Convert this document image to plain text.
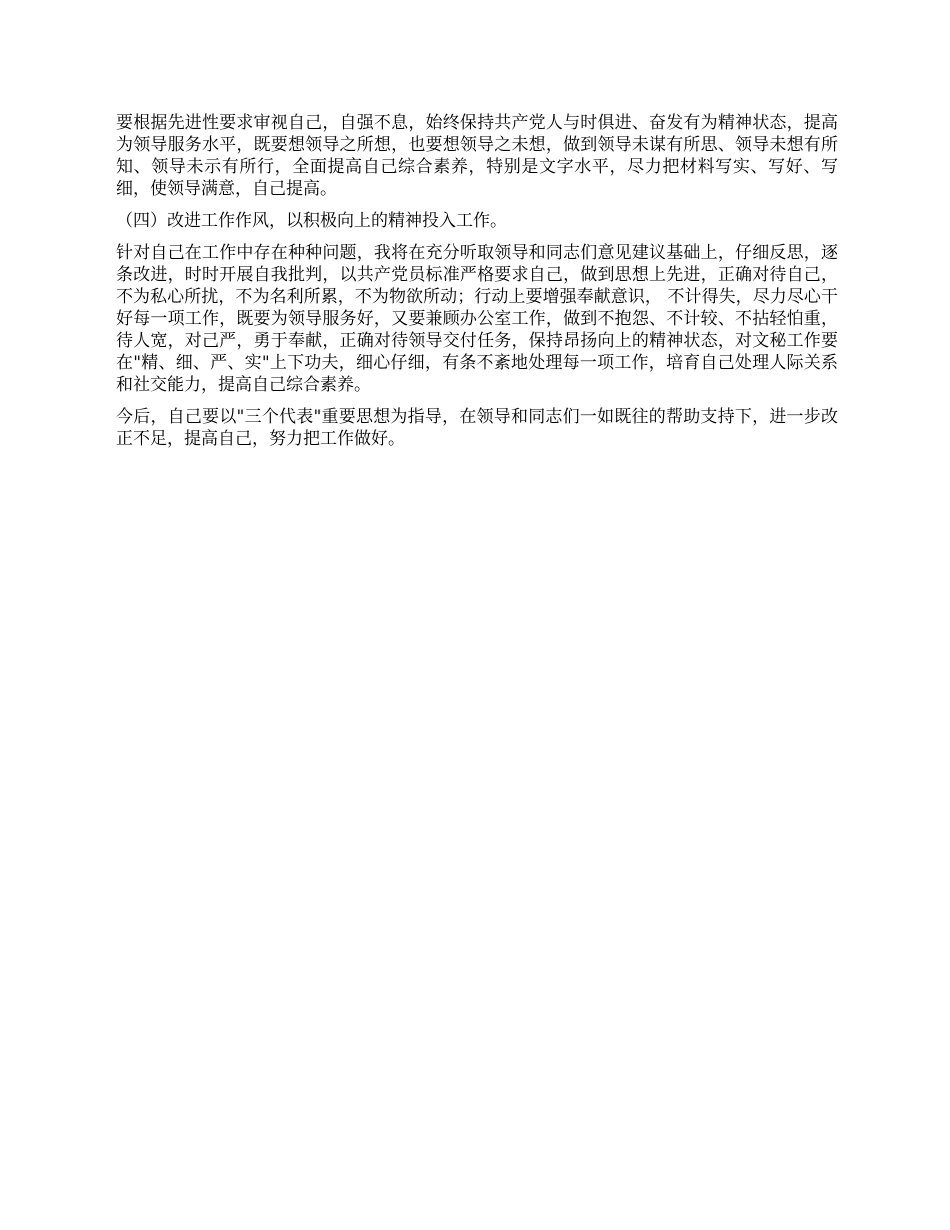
要根据先进性要求审视自己，自强不息，始终保持共产党人与时俱进、奋发有为精神状态，提高为领导服务水平，既要想领导之所想，也要想领导之未想，做到领导未谋有所思、领导未想有所知、领导未示有所行，全面提高自己综合素养，特别是文字水平，尽力把材料写实、写好、写细，使领导满意，自己提高。

（四）改进工作作风，以积极向上的精神投入工作。

针对自己在工作中存在种种问题，我将在充分听取领导和同志们意见建议基础上，仔细反思，逐条改进，时时开展自我批判，以共产党员标准严格要求自己，做到思想上先进，正确对待自己， 不为私心所扰，不为名利所累，不为物欲所动；行动上要增强奉献意识， 不计得失，尽力尽心干好每一项工作，既要为领导服务好，又要兼顾办公室工作，做到不抱怨、不计较、不拈轻怕重，待人宽，对己严，勇于奉献，正确对待领导交付任务，保持昂扬向上的精神状态，对文秘工作要在"精、细、严、实"上下功夫，细心仔细，有条不紊地处理每一项工作，培育自己处理人际关系和社交能力，提高自己综合素养。

今后，自己要以"三个代表"重要思想为指导，在领导和同志们一如既往的帮助支持下，进一步改正不足，提高自己，努力把工作做好。
